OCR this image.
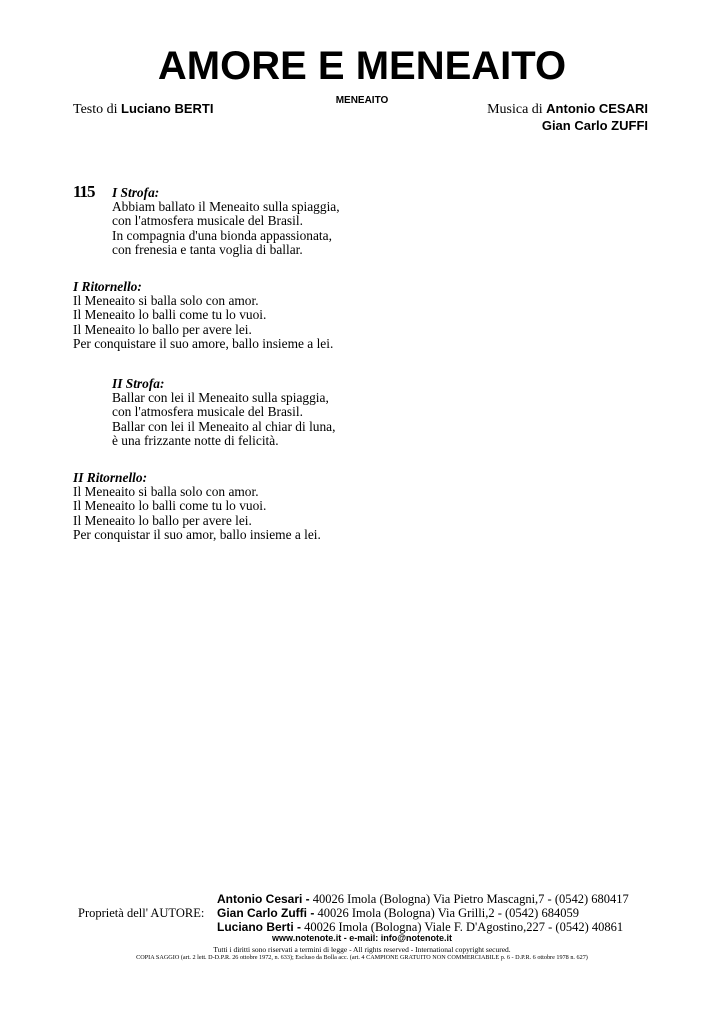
AMORE E MENEAITO
MENEAITO
Testo di Luciano BERTI	Musica di Antonio CESARI
Gian Carlo ZUFFI
115 I Strofa:
Abbiam ballato il Meneaito sulla spiaggia,
con l'atmosfera musicale del Brasil.
In compagnia d'una bionda appassionata,
con frenesia e tanta voglia di ballar.
I Ritornello:
Il Meneaito si balla solo con amor.
Il Meneaito lo balli come tu lo vuoi.
Il Meneaito lo ballo per avere lei.
Per conquistare il suo amore, ballo insieme a lei.
II Strofa:
Ballar con lei il Meneaito sulla spiaggia,
con l'atmosfera musicale del Brasil.
Ballar con lei il Meneaito al chiar di luna,
è una frizzante notte di felicità.
II Ritornello:
Il Meneaito si balla solo con amor.
Il Meneaito lo balli come tu lo vuoi.
Il Meneaito lo ballo per avere lei.
Per conquistar il suo amor, ballo insieme a lei.
Proprietà dell' AUTORE:
Antonio Cesari - 40026 Imola (Bologna) Via Pietro Mascagni,7 - (0542) 680417
Gian Carlo Zuffi - 40026 Imola (Bologna) Via Grilli,2 - (0542) 684059
Luciano Berti - 40026 Imola (Bologna) Viale F. D'Agostino,227 - (0542) 40861
www.notenote.it - e-mail: info@notenote.it
Tutti i diritti sono riservati a termini di legge - All rights reserved - International copyright secured.
COPIA SAGGIO (art. 2 lett. D-D.P.R. 26 ottobre 1972, n. 633); Escluso da Bolla acc. (art. 4 CAMPIONE GRATUITO NON COMMERCIABILE p. 6 - D.P.R. 6 ottobre 1978 n. 627)
